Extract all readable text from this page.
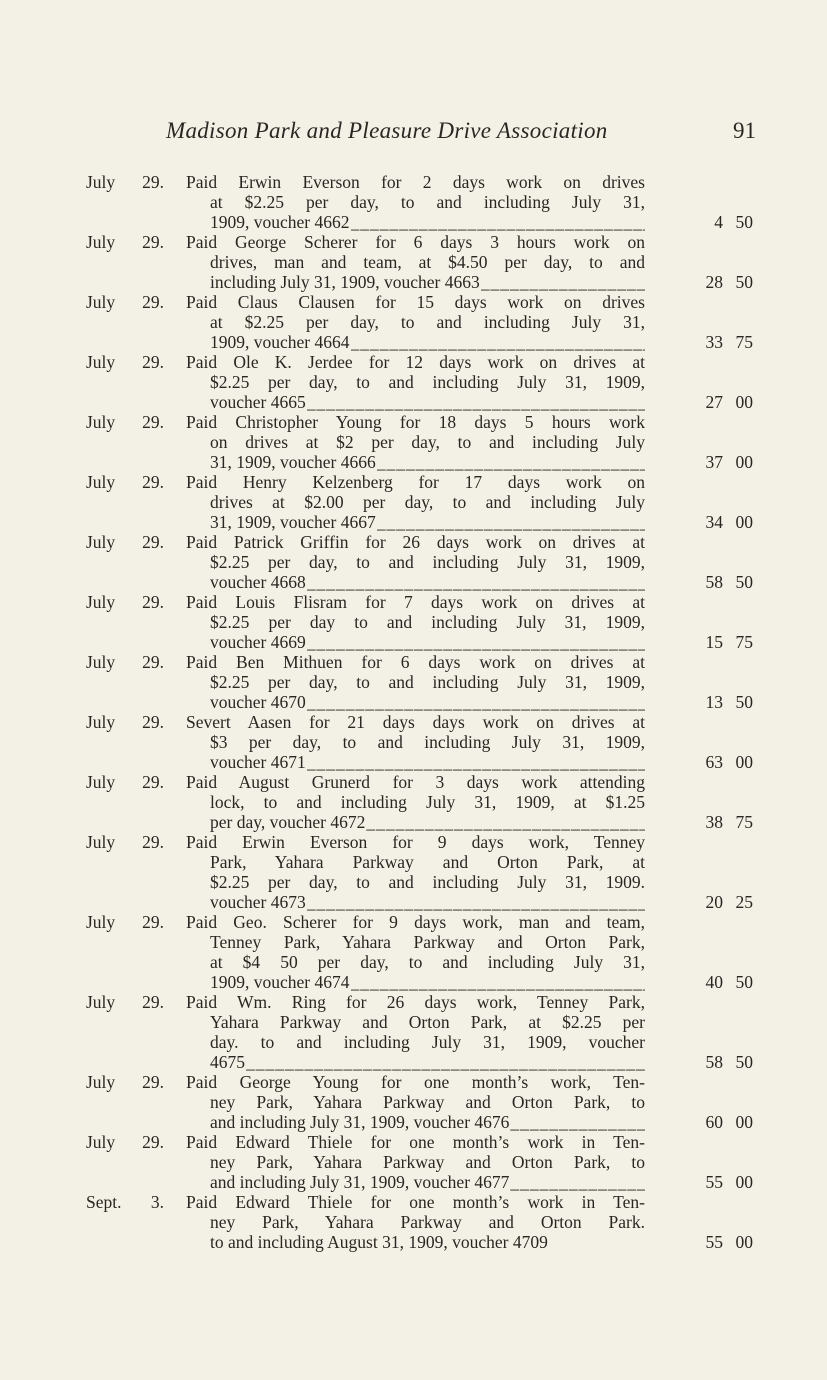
Madison Park and Pleasure Drive Association	91
July 29. Paid Erwin Everson for 2 days work on drives
at $2.25 per day, to and including July 31,
1909, voucher 4662 _____	4 50
July 29. Paid George Scherer for 6 days 3 hours work on
drives, man and team, at $4.50 per day, to and
including July 31, 1909, voucher 4663 _____	28 50
July 29. Paid Claus Clausen for 15 days work on drives
at $2.25 per day, to and including July 31,
1909, voucher 4664 _____	33 75
July 29. Paid Ole K. Jerdee for 12 days work on drives at
$2.25 per day, to and including July 31, 1909,
voucher 4665 _____	27 00
July 29. Paid Christopher Young for 18 days 5 hours work
on drives at $2 per day, to and including July
31, 1909, voucher 4666 _____	37 00
July 29. Paid Henry Kelzenberg for 17 days work on
drives at $2.00 per day, to and including July
31, 1909, voucher 4667 _____	34 00
July 29. Paid Patrick Griffin for 26 days work on drives at
$2.25 per day, to and including July 31, 1909,
voucher 4668 _____	58 50
July 29. Paid Louis Flisram for 7 days work on drives at
$2.25 per day to and including July 31, 1909,
voucher 4669 _____	15 75
July 29. Paid Ben Mithuen for 6 days work on drives at
$2.25 per day, to and including July 31, 1909,
voucher 4670 _____	13 50
July 29. Severt Aasen for 21 days days work on drives at
$3 per day, to and including July 31, 1909,
voucher 4671 _____	63 00
July 29. Paid August Grunerd for 3 days work attending
lock, to and including July 31, 1909, at $1.25
per day, voucher 4672 _____	38 75
July 29. Paid Erwin Everson for 9 days work, Tenney
Park, Yahara Parkway and Orton Park, at
$2.25 per day, to and including July 31, 1909.
voucher 4673 _____	20 25
July 29. Paid Geo. Scherer for 9 days work, man and team,
Tenney Park, Yahara Parkway and Orton Park,
at $4 50 per day, to and including July 31,
1909, voucher 4674 _____	40 50
July 29. Paid Wm. Ring for 26 days work, Tenney Park,
Yahara Parkway and Orton Park, at $2.25 per
day. to and including July 31, 1909, voucher
4675 _____	58 50
July 29. Paid George Young for one month’s work, Ten-
ney Park, Yahara Parkway and Orton Park, to
and including July 31, 1909, voucher 4676 _____	60 00
July 29. Paid Edward Thiele for one month’s work in Ten-
ney Park, Yahara Parkway and Orton Park, to
and including July 31, 1909, voucher 4677 _____	55 00
Sept.	3. Paid Edward Thiele for one month’s work in Ten-
ney Park, Yahara Parkway and Orton Park.
to and including August 31, 1909, voucher 4709	55 00
